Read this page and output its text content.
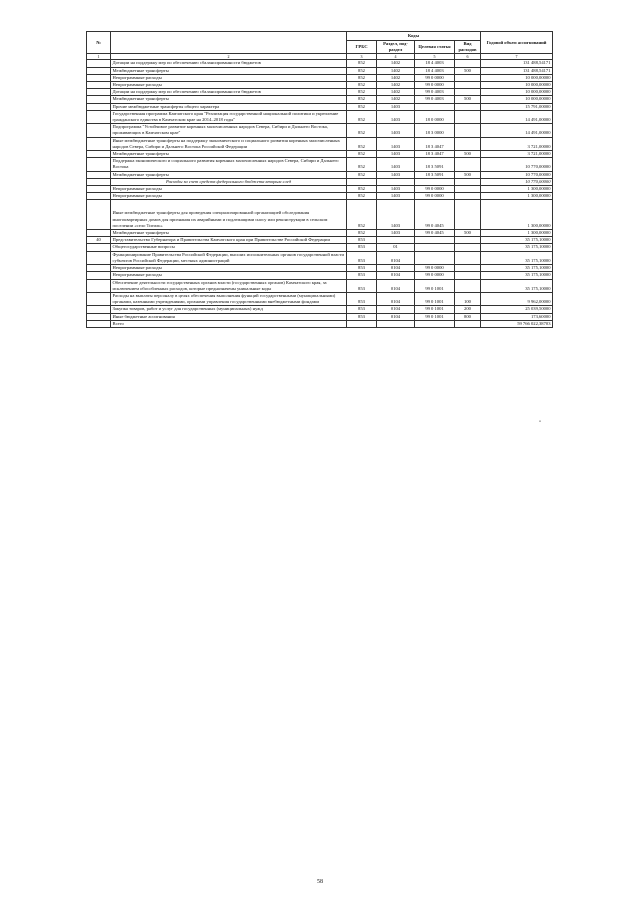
№		Коды				Годовой объем ассигнований
		ГРБС	Раздел, под-раздел	Целевая статья	Вид расходов	
1	2	3	4	5	6	7
	Дотации на поддержку мер по обеспечению сбалансированности бюджетов	852	1402	18 4 4003		131 488,54171
	Межбюджетные трансферты	852	1402	18 4 4003	500	131 488,54171
	Непрограммные расходы	852	1402	99 0 0000		10 000,00000
	Непрограммные расходы	852	1402	99 0 0000		10 000,00000
	Дотации на поддержку мер по обеспечению сбалансированности бюджетов	852	1402	99 0 4003		10 000,00000
	Межбюджетные трансферты	852	1402	99 0 4003	500	10 000,00000
	Прочие межбюджетные трансферты общего характера	852	1403			15 791,00000
	Государственная программа Камчатского края "Реализация государственной национальной политики и укрепление гражданского единства в Камчатском крае на 2014–2018 годы"	852	1403	18 0 0000		14 491,00000
	Подпрограмма "Устойчивое развитие коренных малочисленных народов Севера, Сибири и Дальнего Востока, проживающих в Камчатском крае"	852	1403	18 3 0000		14 491,00000
	Иные межбюджетные трансферты на поддержку экономического и социального развития коренных малочисленных народов Севера, Сибири и Дальнего Востока Российской Федерации	852	1403	18 3 4047		3 721,00000
	Межбюджетные трансферты	852	1403	18 3 4047	500	3 721,00000
	Поддержка экономического и социального развития коренных малочисленных народов Севера, Сибири и Дальнего Востока	852	1403	18 3 5091		10 770,00000
	Межбюджетные трансферты	852	1403	18 3 5091	500	10 770,00000
	Расходы за счет средств федерального бюджета вторым след					10 770,00000
	Непрограммные расходы	852	1403	99 0 0000		1 300,00000
	Непрограммные расходы	852	1403	99 0 0000		1 300,00000
	Иные межбюджетные трансферты для проведения специализированной организацией обследования многоквартирных домов для признания их аварийными и подлежащими сносу или реконструкции в сельском поселении «село Тигиль»	852	1403	99 0 4045		1 300,00000
	Межбюджетные трансферты	852	1403	99 0 4045	500	1 300,00000
40	Представительство Губернатора и Правительства Камчатского края при Правительстве Российской Федерации	853				35 175,10000
	Общегосударственные вопросы	853	01			35 175,10000
	Функционирование Правительства Российской Федерации, высших исполнительных органов государственной власти субъектов Российской Федерации, местных администраций	853	0104			35 175,10000
	Непрограммные расходы	853	0104	99 0 0000		35 175,10000
	Непрограммные расходы	853	0104	99 0 0000		35 175,10000
	Обеспечение деятельности государственных органов власти (государственных органов) Камчатского края, за исключением обособленных расходов, которые предназначены уникальные коды	853	0104	99 0 1001		35 175,10000
	Расходы на выплаты персоналу в целях обеспечения выполнения функций государственными (муниципальными) органами, казенными учреждениями, органами управления государственными внебюджетными фондами	853	0104	99 0 1001	100	9 962,00000
	Закупка товаров, работ и услуг для государственных (муниципальных) нужд	853	0104	99 0 1001	200	25 039,50000
	Иные бюджетные ассигнования	853	0104	99 0 1001	800	173,60000
	Всего					59 766 022,38703
»
58
